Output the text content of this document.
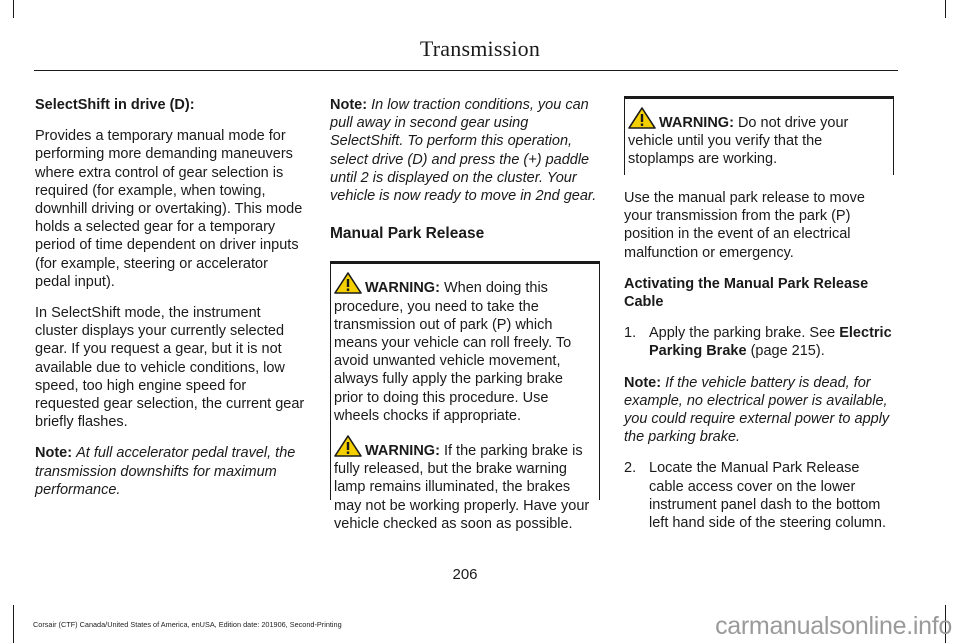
Transmission

SelectShift in drive (D):

Provides a temporary manual mode for performing more demanding maneuvers where extra control of gear selection is required (for example, when towing, downhill driving or overtaking). This mode holds a selected gear for a temporary period of time dependent on driver inputs (for example, steering or accelerator pedal input).

In SelectShift mode, the instrument cluster displays your currently selected gear. If you request a gear, but it is not available due to vehicle conditions, low speed, too high engine speed for requested gear selection, the current gear briefly flashes.

Note: At full accelerator pedal travel, the transmission downshifts for maximum performance.

Note: In low traction conditions, you can pull away in second gear using SelectShift. To perform this operation, select drive (D) and press the (+) paddle until 2 is displayed on the cluster. Your vehicle is now ready to move in 2nd gear.

Manual Park Release

WARNING: When doing this procedure, you need to take the transmission out of park (P) which means your vehicle can roll freely. To avoid unwanted vehicle movement, always fully apply the parking brake prior to doing this procedure. Use wheels chocks if appropriate.

WARNING: If the parking brake is fully released, but the brake warning lamp remains illuminated, the brakes may not be working properly. Have your vehicle checked as soon as possible.

WARNING: Do not drive your vehicle until you verify that the stoplamps are working.

Use the manual park release to move your transmission from the park (P) position in the event of an electrical malfunction or emergency.

Activating the Manual Park Release Cable

1. Apply the parking brake. See Electric Parking Brake (page 215).

Note: If the vehicle battery is dead, for example, no electrical power is available, you could require external power to apply the parking brake.

2. Locate the Manual Park Release cable access cover on the lower instrument panel dash to the bottom left hand side of the steering column.
206
Corsair (CTF) Canada/United States of America, enUSA, Edition date: 201906, Second-Printing	carmanualsonline.info
